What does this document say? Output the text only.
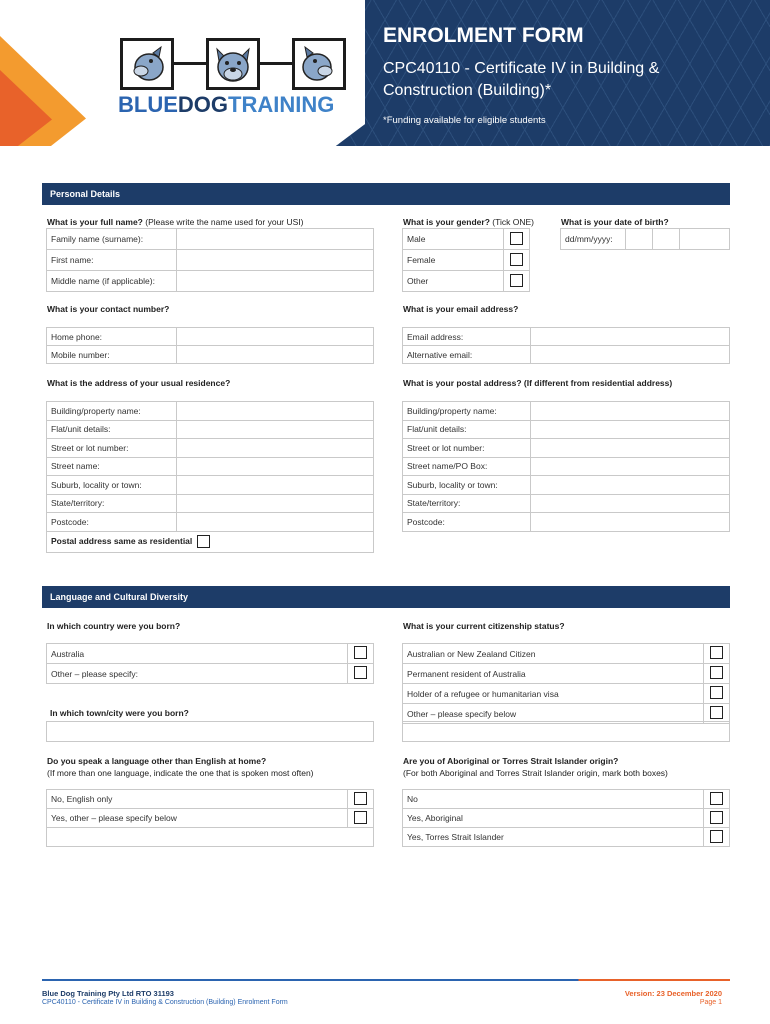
BLUEDOGTRAINING
ENROLMENT FORM
CPC40110 - Certificate IV in Building & Construction (Building)*
*Funding available for eligible students
Personal Details
What is your full name? (Please write the name used for your USI)	What is your gender? (Tick ONE)	What is your date of birth?
Family name (surname):	
First name:	
Middle name (if applicable):	
Male	
Female	
Other	
dd/mm/yyyy:			
What is your contact number?	What is your email address?
Home phone:	
Mobile number:	
Email address:	
Alternative email:	
What is the address of your usual residence?	What is your postal address? (If different from residential address)
Building/property name:	
Flat/unit details:	
Street or lot number:	
Street name:	
Suburb, locality or town:	
State/territory:	
Postcode:	
Postal address same as residential	
Building/property name:	
Flat/unit details:	
Street or lot number:	
Street name/PO Box:	
Suburb, locality or town:	
State/territory:	
Postcode:	
Language and Cultural Diversity
In which country were you born?	What is your current citizenship status?
Australia	
Other – please specify:	
Australian or New Zealand Citizen	
Permanent resident of Australia	
Holder of a refugee or humanitarian visa	
Other – please specify below	
In which town/city were you born?
Do you speak a language other than English at home?
(If more than one language, indicate the one that is spoken most often)
Are you of Aboriginal or Torres Strait Islander origin?
(For both Aboriginal and Torres Strait Islander origin, mark both boxes)
No, English only	
Yes, other – please specify below	

No	
Yes, Aboriginal	
Yes, Torres Strait Islander	
Blue Dog Training Pty Ltd RTO 31193
CPC40110 - Certificate IV in Building & Construction (Building) Enrolment Form
Version: 23 December 2020
Page 1
